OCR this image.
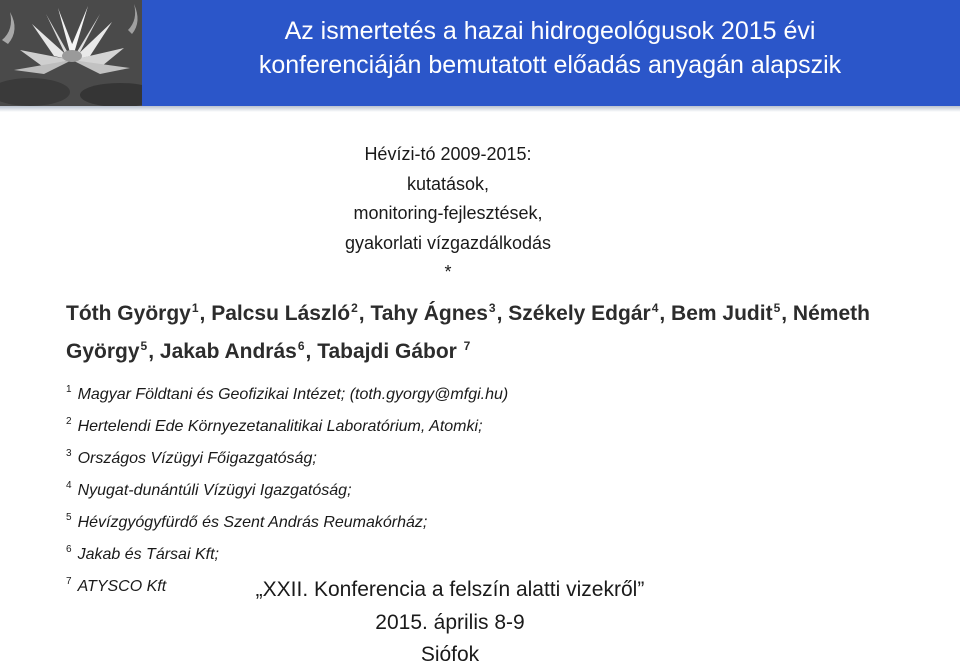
Az ismertetés a hazai hidrogeológusok 2015 évi
konferenciáján bemutatott előadás anyagán alapszik
Hévízi-tó 2009-2015:
kutatások,
monitoring-fejlesztések,
gyakorlati vízgazdálkodás
*
Tóth György$^1$, Palcsu László$^2$, Tahy Ágnes$^3$, Székely Edgár$^4$, Bem Judit$^5$, Németh György$^5$, Jakab András$^6$, Tabajdi Gábor $^7$
$^1$ Magyar Földtani és Geofizikai Intézet; (toth.gyorgy@mfgi.hu)
$^2$ Hertelendi Ede Környezetanalitikai Laboratórium, Atomki;
$^3$ Országos Vízügyi Főigazgatóság;
$^4$ Nyugat-dunántúli Vízügyi Igazgatóság;
$^5$ Hévízgyógyfürdő és Szent András Reumakórház;
$^6$ Jakab és Társai Kft;
$^7$ ATYSCO Kft	„XXII. Konferencia a felszín alatti vizekről”
2015. április 8-9
Siófok
